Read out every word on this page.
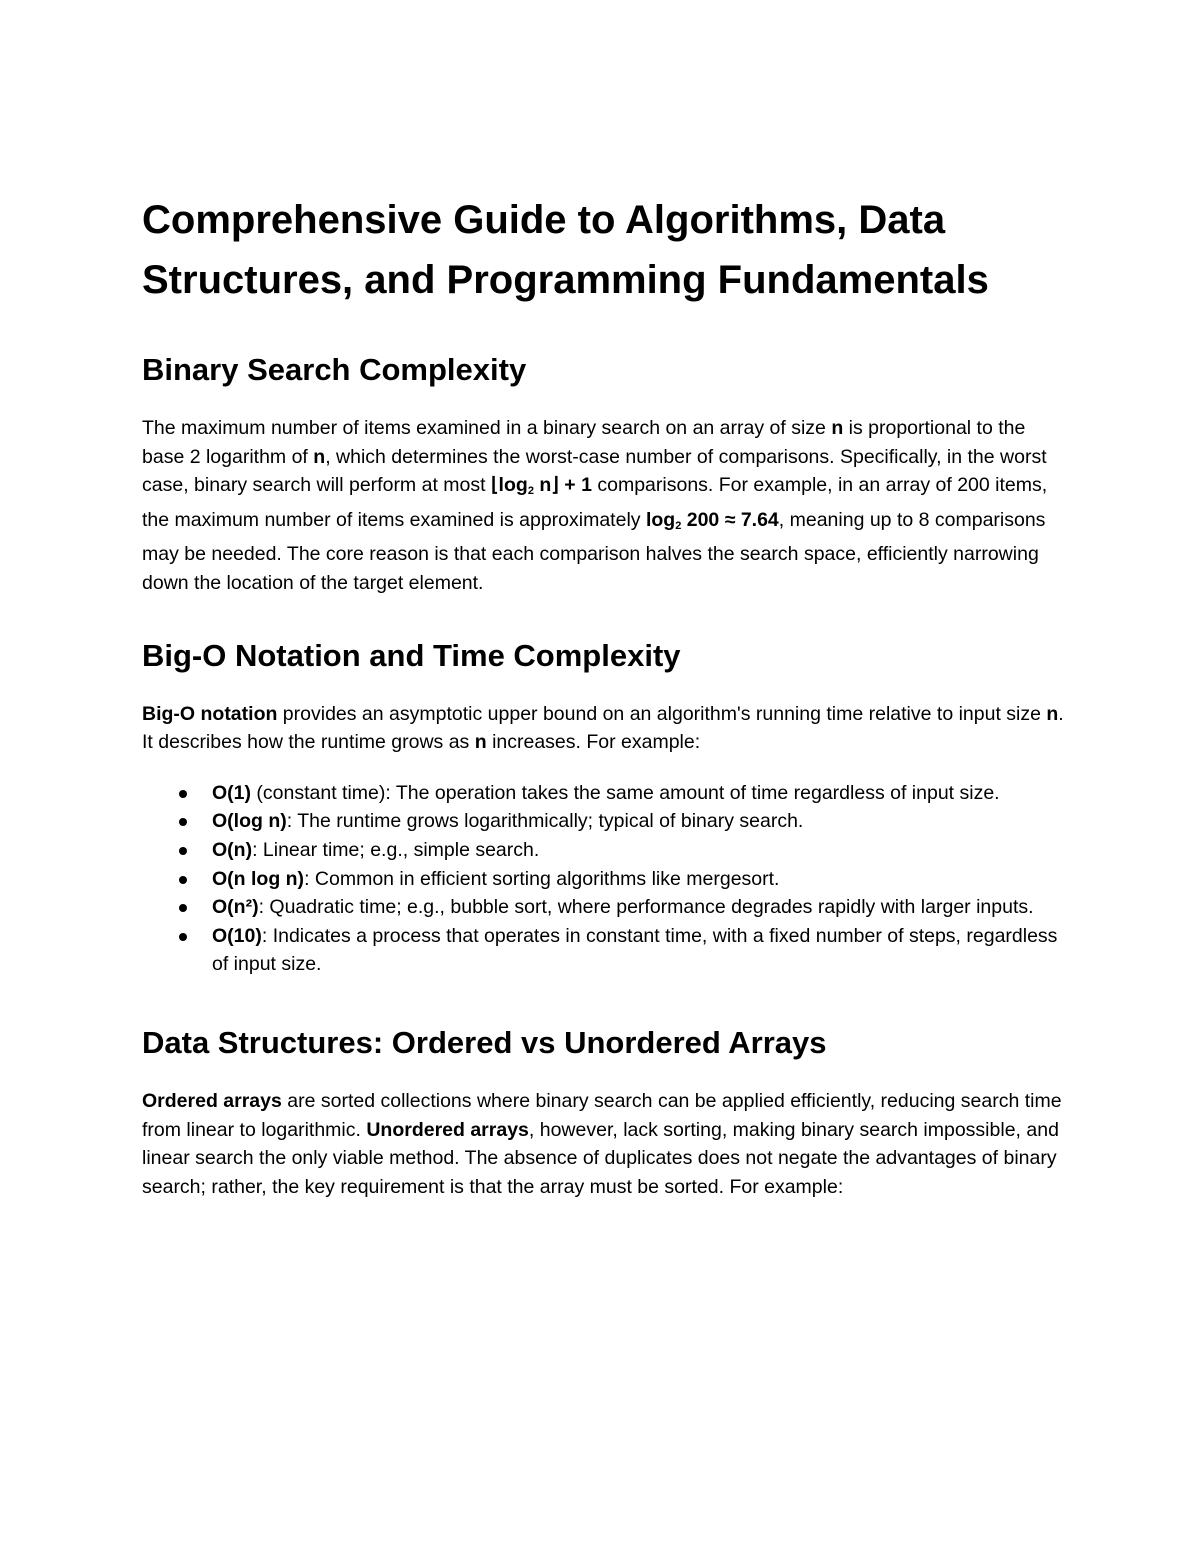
Comprehensive Guide to Algorithms, Data Structures, and Programming Fundamentals
Binary Search Complexity

The maximum number of items examined in a binary search on an array of size n is proportional to the base 2 logarithm of n, which determines the worst-case number of comparisons. Specifically, in the worst case, binary search will perform at most $⌊\log_2$ n⌋ + 1 comparisons. For example, in an array of 200 items, the maximum number of items examined is approximately $\log_2 200 \approx 7.64$, meaning up to 8 comparisons may be needed. The core reason is that each comparison halves the search space, efficiently narrowing down the location of the target element.

Big-O Notation and Time Complexity

Big-O notation provides an asymptotic upper bound on an algorithm's running time relative to input size n. It describes how the runtime grows as n increases. For example:

O(1) (constant time): The operation takes the same amount of time regardless of input size.
O(log n): The runtime grows logarithmically; typical of binary search.
O(n): Linear time; e.g., simple search.
O(n log n): Common in efficient sorting algorithms like mergesort.
O(n²): Quadratic time; e.g., bubble sort, where performance degrades rapidly with larger inputs.
O(10): Indicates a process that operates in constant time, with a fixed number of steps, regardless of input size.
Data Structures: Ordered vs Unordered Arrays

Ordered arrays are sorted collections where binary search can be applied efficiently, reducing search time from linear to logarithmic. Unordered arrays, however, lack sorting, making binary search impossible, and linear search the only viable method. The absence of duplicates does not negate the advantages of binary search; rather, the key requirement is that the array must be sorted. For example:
